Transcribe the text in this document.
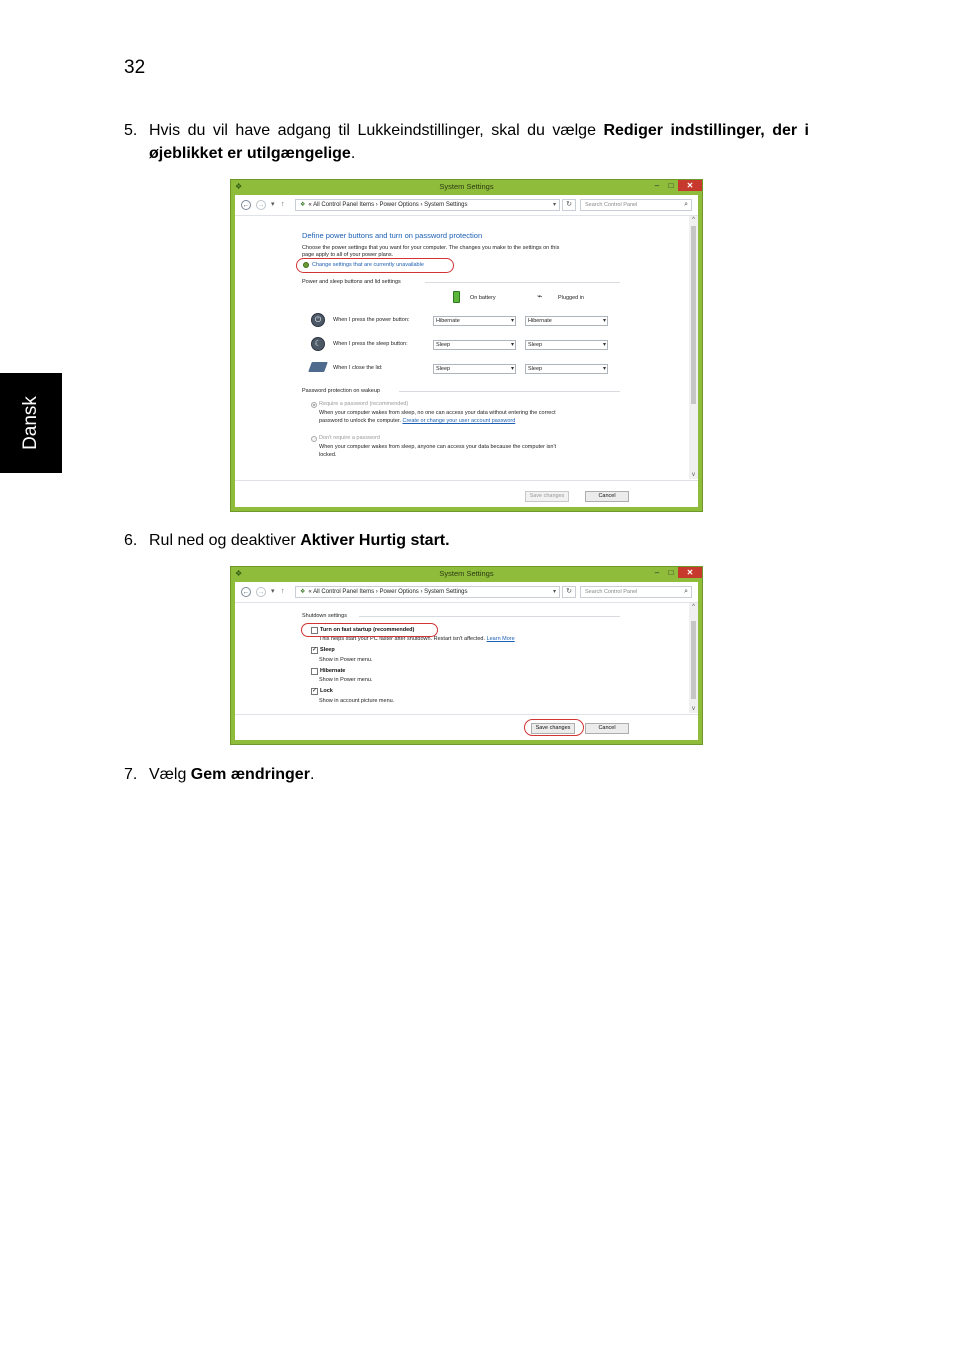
32
Dansk
5. Hvis du vil have adgang til Lukkeindstillinger, skal du vælge Rediger indstillinger, der i øjeblikket er utilgængelige.
❖	System Settings	–	□	✕
← → ▾ ↑	❖ « All Control Panel Items › Power Options › System Settings	▾	↻	Search Control Panel	⌕
^
v
Define power buttons and turn on password protection
Choose the power settings that you want for your computer. The changes you make to the settings on this
page apply to all of your power plans.
Change settings that are currently unavailable
Power and sleep buttons and lid settings
On battery	⌁	Plugged in
⏻	When I press the power button:	Hibernate	▾	Hibernate	▾
☾	When I press the sleep button:	Sleep	▾	Sleep	▾
When I close the lid:	Sleep	▾	Sleep	▾
Password protection on wakeup
Require a password (recommended)
When your computer wakes from sleep, no one can access your data without entering the correct
password to unlock the computer. Create or change your user account password
Don't require a password
When your computer wakes from sleep, anyone can access your data because the computer isn't
locked.
Save changes	Cancel
6. Rul ned og deaktiver Aktiver Hurtig start.
❖	System Settings	–	□	✕
← → ▾ ↑	❖ « All Control Panel Items › Power Options › System Settings	▾	↻	Search Control Panel	⌕
^
v
Shutdown settings
Turn on fast startup (recommended)
This helps start your PC faster after shutdown. Restart isn't affected. Learn More
✓ Sleep
Show in Power menu.
Hibernate
Show in Power menu.
✓ Lock
Show in account picture menu.
Save changes	Cancel
7. Vælg Gem ændringer.
